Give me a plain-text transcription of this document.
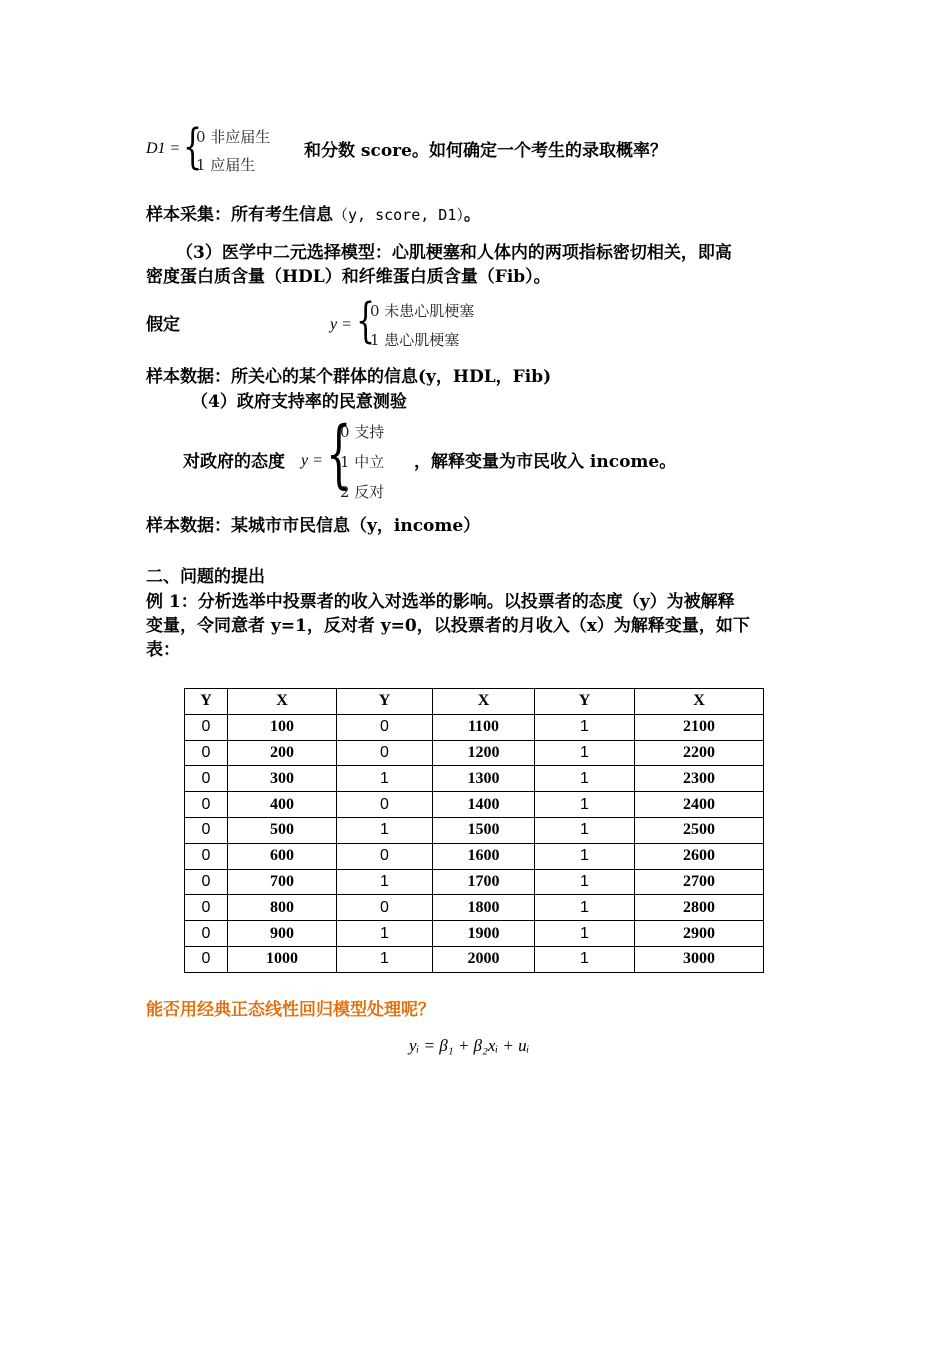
D1 = {
0 非应届生
1 应届生
和分数 score。如何确定一个考生的录取概率？
样本采集：所有考生信息（y, score, D1）。
（3）医学中二元选择模型：心肌梗塞和人体内的两项指标密切相关，即高
密度蛋白质含量（HDL）和纤维蛋白质含量（Fib）。
假定	y = {
0 未患心肌梗塞
1 患心肌梗塞
样本数据：所关心的某个群体的信息(y，HDL，Fib)
（4）政府支持率的民意测验
对政府的态度 y = {
0 支持
1 中立
2 反对
，解释变量为市民收入 income。
样本数据：某城市市民信息（y，income）
二、问题的提出
例 1：分析选举中投票者的收入对选举的影响。以投票者的态度（y）为被解释
变量，令同意者 y=1，反对者 y=0，以投票者的月收入（x）为解释变量，如下
表：
Y	X	Y	X	Y	X
0	100	0	1100	1	2100
0	200	0	1200	1	2200
0	300	1	1300	1	2300
0	400	0	1400	1	2400
0	500	1	1500	1	2500
0	600	0	1600	1	2600
0	700	1	1700	1	2700
0	800	0	1800	1	2800
0	900	1	1900	1	2900
0	1000	1	2000	1	3000
能否用经典正态线性回归模型处理呢？
yᵢ = β₁ + β₂xᵢ + uᵢ
